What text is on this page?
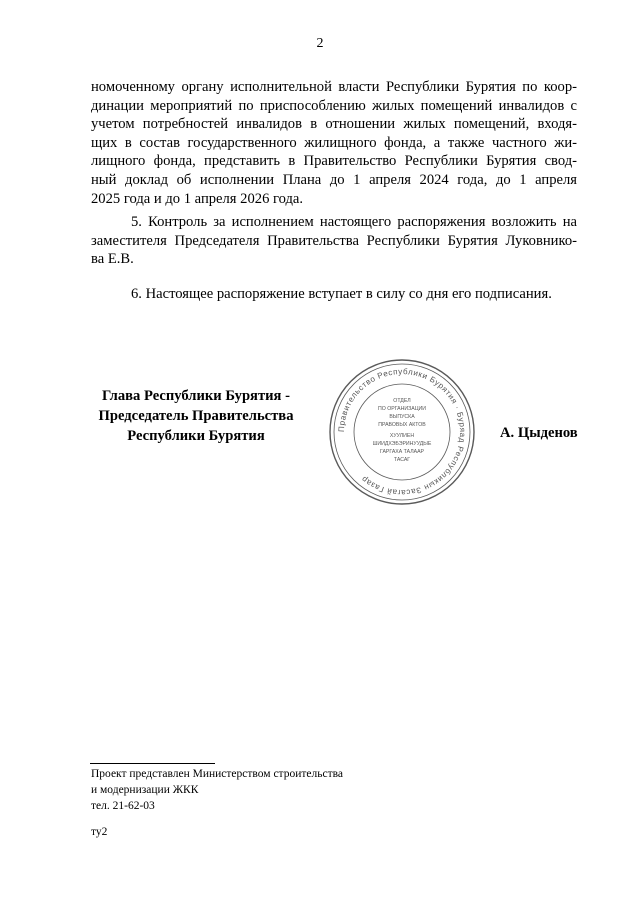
2
номоченному органу исполнительной власти Республики Бурятия по коор-
динации мероприятий по приспособлению жилых помещений инвалидов с
учетом потребностей инвалидов в отношении жилых помещений, входя-
щих в состав государственного жилищного фонда, а также частного жи-
лищного фонда, представить в Правительство Республики Бурятия свод-
ный доклад об исполнении Плана до 1 апреля 2024 года, до 1 апреля
2025 года и до 1 апреля 2026 года.
5. Контроль за исполнением настоящего распоряжения возложить на
заместителя Председателя Правительства Республики Бурятия Луковнико-
ва Е.В.
6. Настоящее распоряжение вступает в силу со дня его подписания.
Глава Республики Бурятия -
Председатель Правительства
Республики Бурятия	Правительство Республики Бурятия · Буряад Республикын Засагай Газар
ОТДЕЛ
ПО ОРГАНИЗАЦИИ
ВЫПУСКА
ПРАВОВЫХ АКТОВ
ХУУЛИЕН
ШИИДХЭБЭРИНУУДЫЕ
ГАРГАХА ТАЛААР
ТАСАГ
А. Цыденов
Проект представлен Министерством строительства
и модернизации ЖКК
тел. 21-62-03
ту2
